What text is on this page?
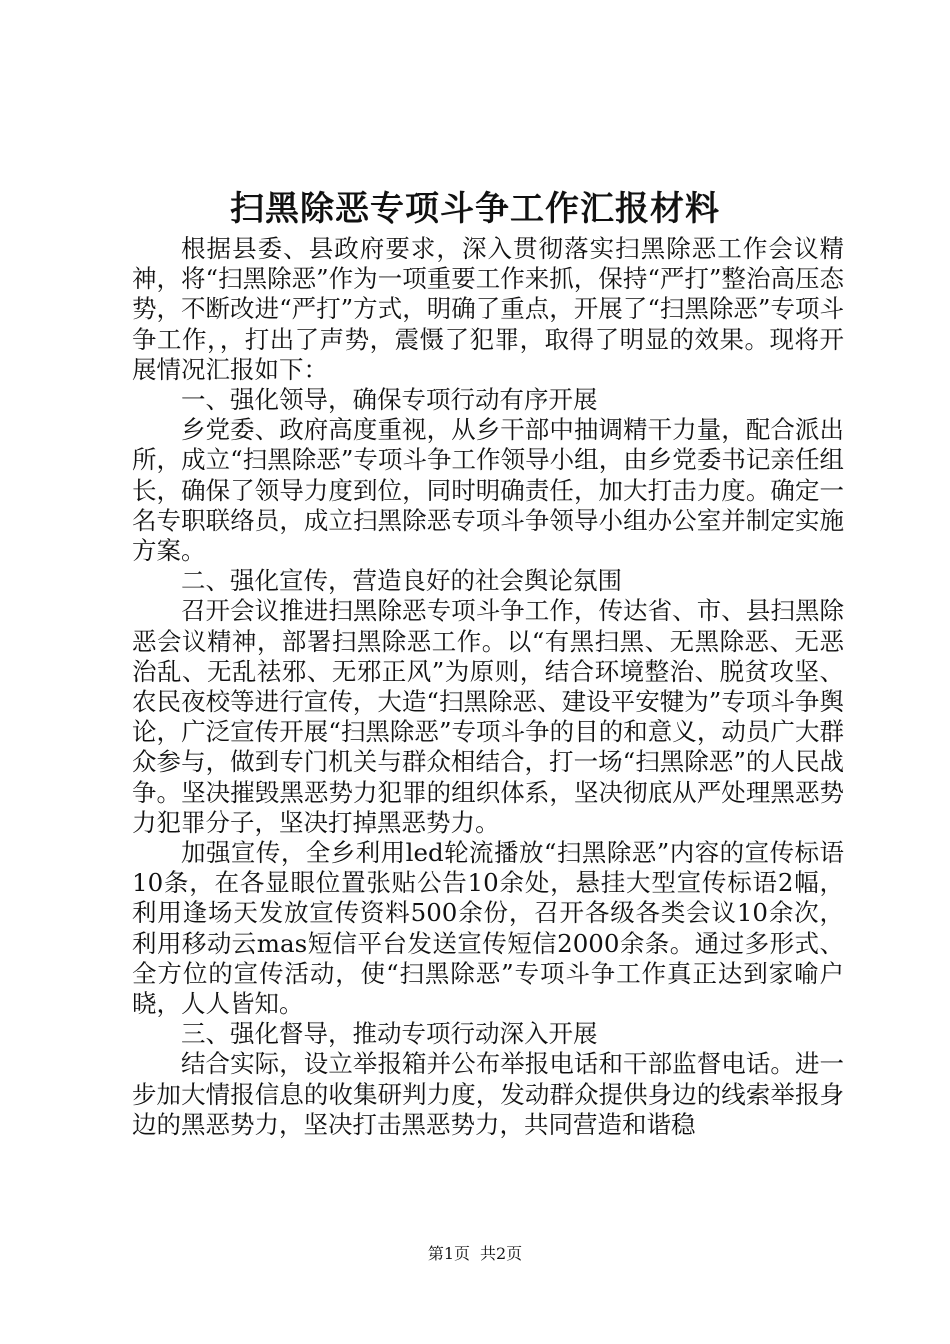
扫黑除恶专项斗争工作汇报材料

根据县委、县政府要求，深入贯彻落实扫黑除恶工作会议精神，将“扫黑除恶”作为一项重要工作来抓，保持“严打”整治高压态势，不断改进“严打”方式，明确了重点，开展了“扫黑除恶”专项斗争工作，，打出了声势，震慑了犯罪，取得了明显的效果。现将开展情况汇报如下：

一、强化领导，确保专项行动有序开展

乡党委、政府高度重视，从乡干部中抽调精干力量，配合派出所，成立“扫黑除恶”专项斗争工作领导小组，由乡党委书记亲任组长，确保了领导力度到位，同时明确责任，加大打击力度。确定一名专职联络员，成立扫黑除恶专项斗争领导小组办公室并制定实施方案。

二、强化宣传，营造良好的社会舆论氛围

召开会议推进扫黑除恶专项斗争工作，传达省、市、县扫黑除恶会议精神，部署扫黑除恶工作。以“有黑扫黑、无黑除恶、无恶治乱、无乱祛邪、无邪正风”为原则，结合环境整治、脱贫攻坚、农民夜校等进行宣传，大造“扫黑除恶、建设平安犍为”专项斗争舆论，广泛宣传开展“扫黑除恶”专项斗争的目的和意义，动员广大群众参与，做到专门机关与群众相结合，打一场“扫黑除恶”的人民战争。坚决摧毁黑恶势力犯罪的组织体系，坚决彻底从严处理黑恶势力犯罪分子，坚决打掉黑恶势力。

加强宣传，全乡利用led轮流播放“扫黑除恶”内容的宣传标语10条，在各显眼位置张贴公告10余处，悬挂大型宣传标语2幅，利用逢场天发放宣传资料500余份，召开各级各类会议10余次，利用移动云mas短信平台发送宣传短信2000余条。通过多形式、全方位的宣传活动，使“扫黑除恶”专项斗争工作真正达到家喻户晓，人人皆知。

三、强化督导，推动专项行动深入开展

结合实际，设立举报箱并公布举报电话和干部监督电话。进一步加大情报信息的收集研判力度，发动群众提供身边的线索举报身边的黑恶势力，坚决打击黑恶势力，共同营造和谐稳

第1页 共2页
